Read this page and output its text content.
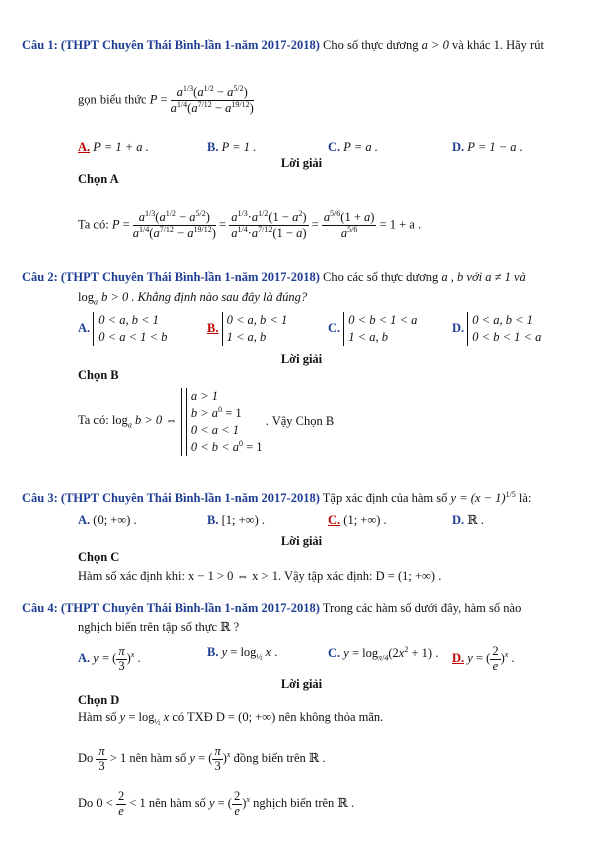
Câu 1: (THPT Chuyên Thái Bình-lần 1-năm 2017-2018) Cho số thực dương a > 0 và khác 1. Hãy rút
gọn biểu thức $P = \frac{a^{1/3}(a^{1/2} - a^{5/2})}{a^{1/4}(a^{7/12} - a^{19/12})}$
A. P = 1 + a .	B. P = 1 .	C. P = a .	D. P = 1 − a .
Lời giải
Chọn A
Ta có: $P = \frac{a^{1/3}(a^{1/2} - a^{5/2})}{a^{1/4}(a^{7/12} - a^{19/12})} = \frac{a^{1/3}\cdot a^{1/2}(1 - a^2)}{a^{1/4}\cdot a^{7/12}(1 - a)} = \frac{a^{5/6}(1 + a)}{a^{5/6}} = 1 + a$ .
Câu 2: (THPT Chuyên Thái Bình-lần 1-năm 2017-2018) Cho các số thực dương a , b với a ≠ 1 và
$\log_a b > 0$ . Khẳng định nào sau đây là đúng?
A. 0 < a, b < 1
0 < a < 1 < b
B. 0 < a, b < 1
1 < a, b
C. 0 < b < 1 < a
1 < a, b
D. 0 < a, b < 1
0 < b < 1 < a
Lời giải
Chọn B
Ta có: $\log_a b > 0$ ⇔ a > 1
$b > a^0 = 1$
0 < a < 1
$0 < b < a^0 = 1$ . Vậy Chọn B
Câu 3: (THPT Chuyên Thái Bình-lần 1-năm 2017-2018) Tập xác định của hàm số $y = (x - 1)^{1/5}$ là:
A. (0; +∞) .	B. [1; +∞) .	C. (1; +∞) .	D. ℝ .
Lời giải
Chọn C
Hàm số xác định khi: x − 1 > 0 ⇔ x > 1. Vậy tập xác định: D = (1; +∞) .
Câu 4: (THPT Chuyên Thái Bình-lần 1-năm 2017-2018) Trong các hàm số dưới đây, hàm số nào
nghịch biến trên tập số thực ℝ ?
A. y = ( $\frac{\pi}{3} )^x$ .	B. $y = \log_{\frac{1}{2}} x$ .	C. $y = \log_{\pi/4}(2x^2 + 1)$ . D. y = ( $\frac{2}{e} )^x$ .
Lời giải
Chọn D
Hàm số $y = \log_{\frac{1}{2}} x$ có TXĐ D = (0; +∞) nên không thỏa mãn.
Do $\frac{\pi}{3} > 1$ nên hàm số y = ( $\frac{\pi}{3} )^x$ đồng biến trên ℝ .
Do $0 < \frac{2}{e} < 1$ nên hàm số y = ( $\frac{2}{e} )^x$ nghịch biến trên ℝ .
